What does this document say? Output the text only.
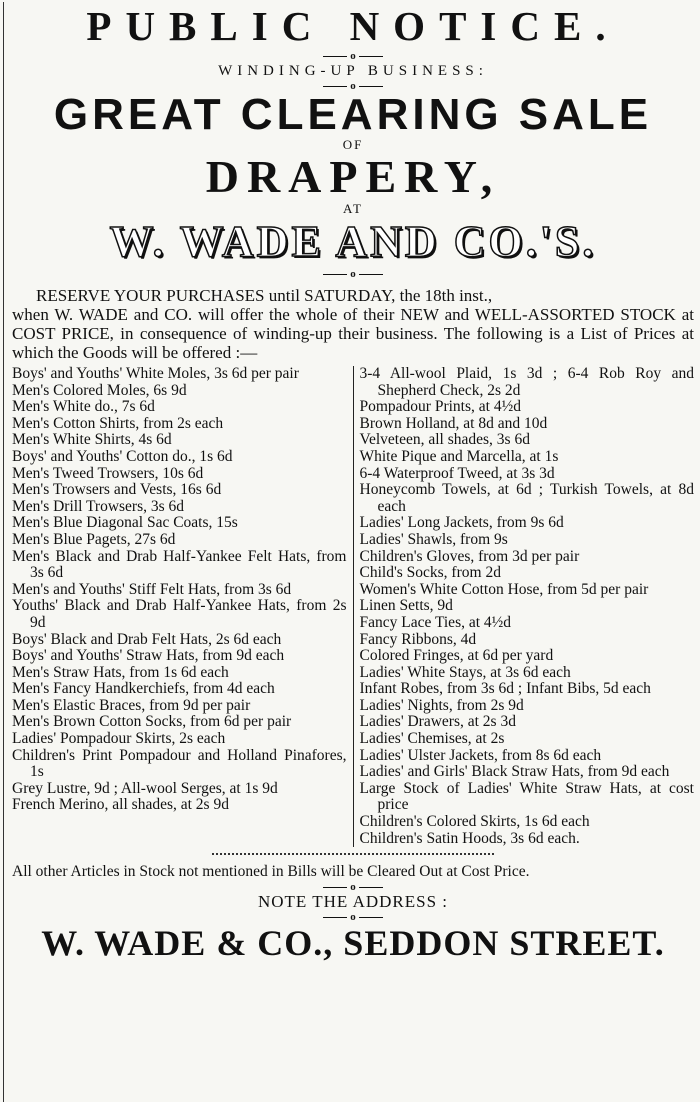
PUBLIC NOTICE.
o
WINDING-UP BUSINESS:
o
GREAT CLEARING SALE
OF
DRAPERY,
AT
W. WADE AND CO.'S.
o
RESERVE YOUR PURCHASES until SATURDAY, the 18th inst.,
when W. WADE and CO. will offer the whole of their NEW and WELL-ASSORTED STOCK at COST PRICE, in consequence of winding-up their business. The following is a List of Prices at which the Goods will be offered :—
Boys' and Youths' White Moles, 3s 6d per pair
Men's Colored Moles, 6s 9d
Men's White do., 7s 6d
Men's Cotton Shirts, from 2s each
Men's White Shirts, 4s 6d
Boys' and Youths' Cotton do., 1s 6d
Men's Tweed Trowsers, 10s 6d
Men's Trowsers and Vests, 16s 6d
Men's Drill Trowsers, 3s 6d
Men's Blue Diagonal Sac Coats, 15s
Men's Blue Pagets, 27s 6d
Men's Black and Drab Half-Yankee Felt Hats, from 3s 6d
Men's and Youths' Stiff Felt Hats, from 3s 6d
Youths' Black and Drab Half-Yankee Hats, from 2s 9d
Boys' Black and Drab Felt Hats, 2s 6d each
Boys' and Youths' Straw Hats, from 9d each
Men's Straw Hats, from 1s 6d each
Men's Fancy Handkerchiefs, from 4d each
Men's Elastic Braces, from 9d per pair
Men's Brown Cotton Socks, from 6d per pair
Ladies' Pompadour Skirts, 2s each
Children's Print Pompadour and Holland Pinafores, 1s
Grey Lustre, 9d ; All-wool Serges, at 1s 9d
French Merino, all shades, at 2s 9d
3-4 All-wool Plaid, 1s 3d ; 6-4 Rob Roy and Shepherd Check, 2s 2d
Pompadour Prints, at 4½d
Brown Holland, at 8d and 10d
Velveteen, all shades, 3s 6d
White Pique and Marcella, at 1s
6-4 Waterproof Tweed, at 3s 3d
Honeycomb Towels, at 6d ; Turkish Towels, at 8d each
Ladies' Long Jackets, from 9s 6d
Ladies' Shawls, from 9s
Children's Gloves, from 3d per pair
Child's Socks, from 2d
Women's White Cotton Hose, from 5d per pair
Linen Setts, 9d
Fancy Lace Ties, at 4½d
Fancy Ribbons, 4d
Colored Fringes, at 6d per yard
Ladies' White Stays, at 3s 6d each
Infant Robes, from 3s 6d ; Infant Bibs, 5d each
Ladies' Nights, from 2s 9d
Ladies' Drawers, at 2s 3d
Ladies' Chemises, at 2s
Ladies' Ulster Jackets, from 8s 6d each
Ladies' and Girls' Black Straw Hats, from 9d each
Large Stock of Ladies' White Straw Hats, at cost price
Children's Colored Skirts, 1s 6d each
Children's Satin Hoods, 3s 6d each.
All other Articles in Stock not mentioned in Bills will be Cleared Out at Cost Price.
o
NOTE THE ADDRESS :
o
W. WADE & CO., SEDDON STREET.
